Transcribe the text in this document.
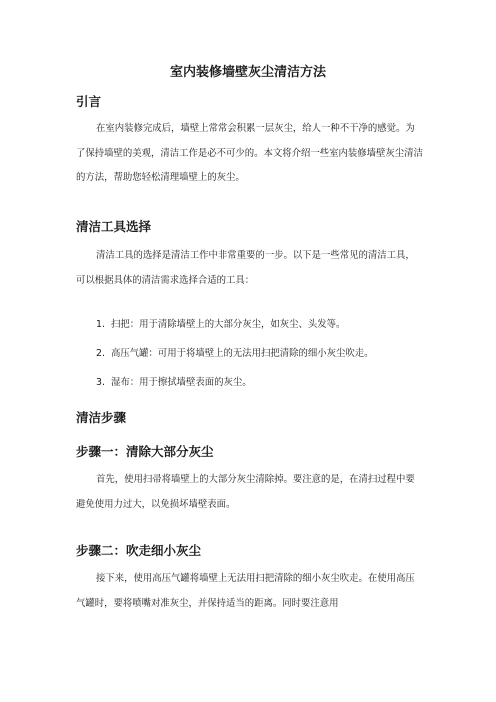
室内装修墙壁灰尘清洁方法
引言

在室内装修完成后，墙壁上常常会积累一层灰尘，给人一种不干净的感觉。为了保持墙壁的美观，清洁工作是必不可少的。本文将介绍一些室内装修墙壁灰尘清洁的方法，帮助您轻松清理墙壁上的灰尘。

清洁工具选择

清洁工具的选择是清洁工作中非常重要的一步。以下是一些常见的清洁工具，可以根据具体的清洁需求选择合适的工具：

1. 扫把：用于清除墙壁上的大部分灰尘，如灰尘、头发等。
2. 高压气罐：可用于将墙壁上的无法用扫把清除的细小灰尘吹走。
3. 湿布：用于擦拭墙壁表面的灰尘。
清洁步骤
步骤一：清除大部分灰尘

首先，使用扫帚将墙壁上的大部分灰尘清除掉。要注意的是，在清扫过程中要避免使用力过大，以免损坏墙壁表面。

步骤二：吹走细小灰尘

接下来，使用高压气罐将墙壁上无法用扫把清除的细小灰尘吹走。在使用高压气罐时，要将喷嘴对准灰尘，并保持适当的距离。同时要注意用
